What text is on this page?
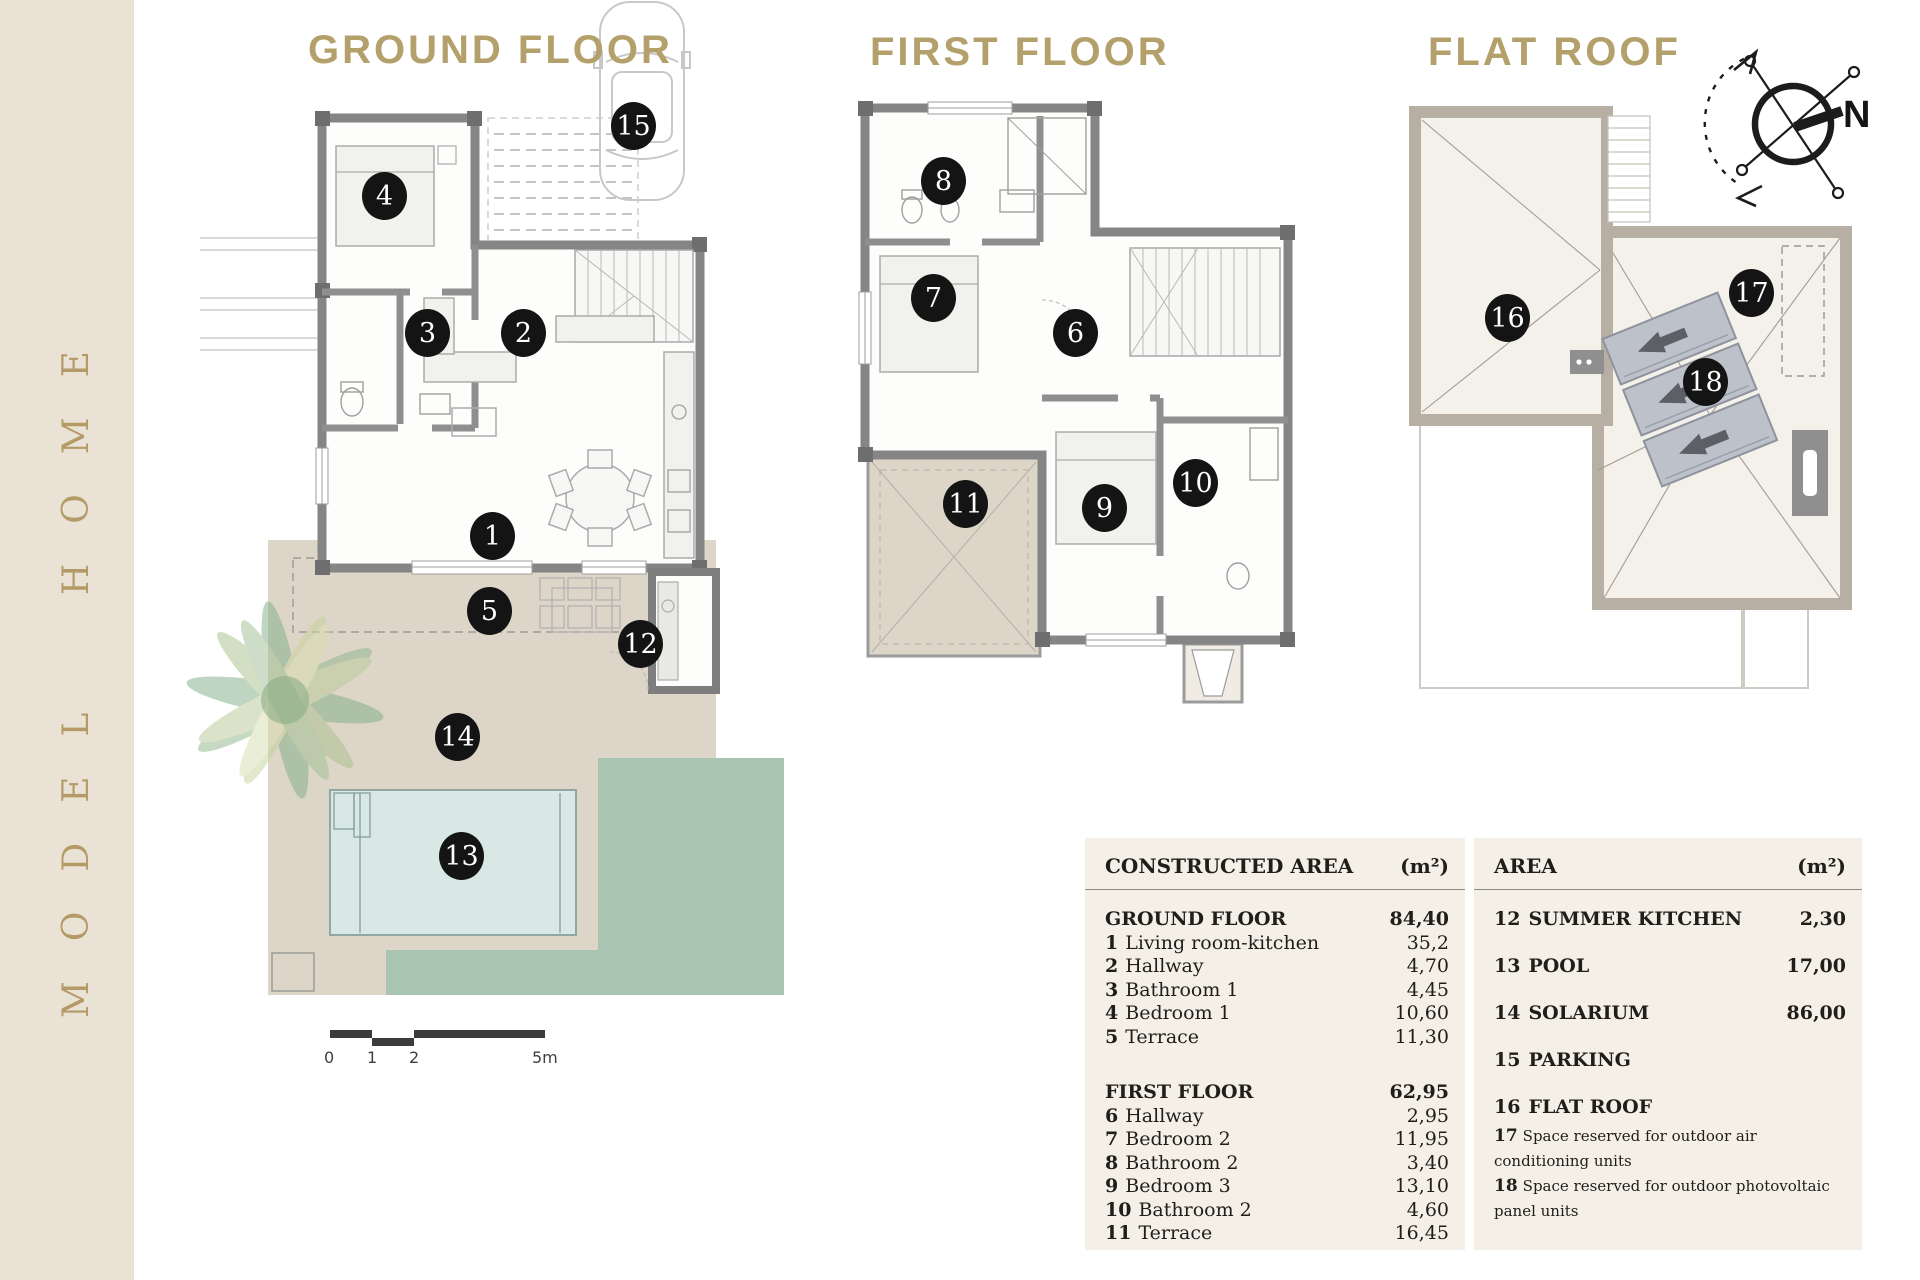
MODEL HOME
GROUND FLOOR	FIRST FLOOR	FLAT ROOF
N
0 1 2	5m
1
2
3
4
5
6
7
8
9
10
11
12
13
14
15
16
17
18
CONSTRUCTED AREA (m²)
GROUND FLOOR	84,40
1 Living room-kitchen	35,2
2 Hallway	4,70
3 Bathroom 1	4,45
4 Bedroom 1	10,60
5 Terrace	11,30
FIRST FLOOR	62,95
6 Hallway	2,95
7 Bedroom 2	11,95
8 Bathroom 2	3,40
9 Bedroom 3	13,10
10 Bathroom 2	4,60
11 Terrace	16,45
AREA	(m²)
12 SUMMER KITCHEN	2,30
13 POOL	17,00
14 SOLARIUM	86,00
15 PARKING
16 FLAT ROOF
17 Space reserved for outdoor air conditioning units
18 Space reserved for outdoor photovoltaic panel units
